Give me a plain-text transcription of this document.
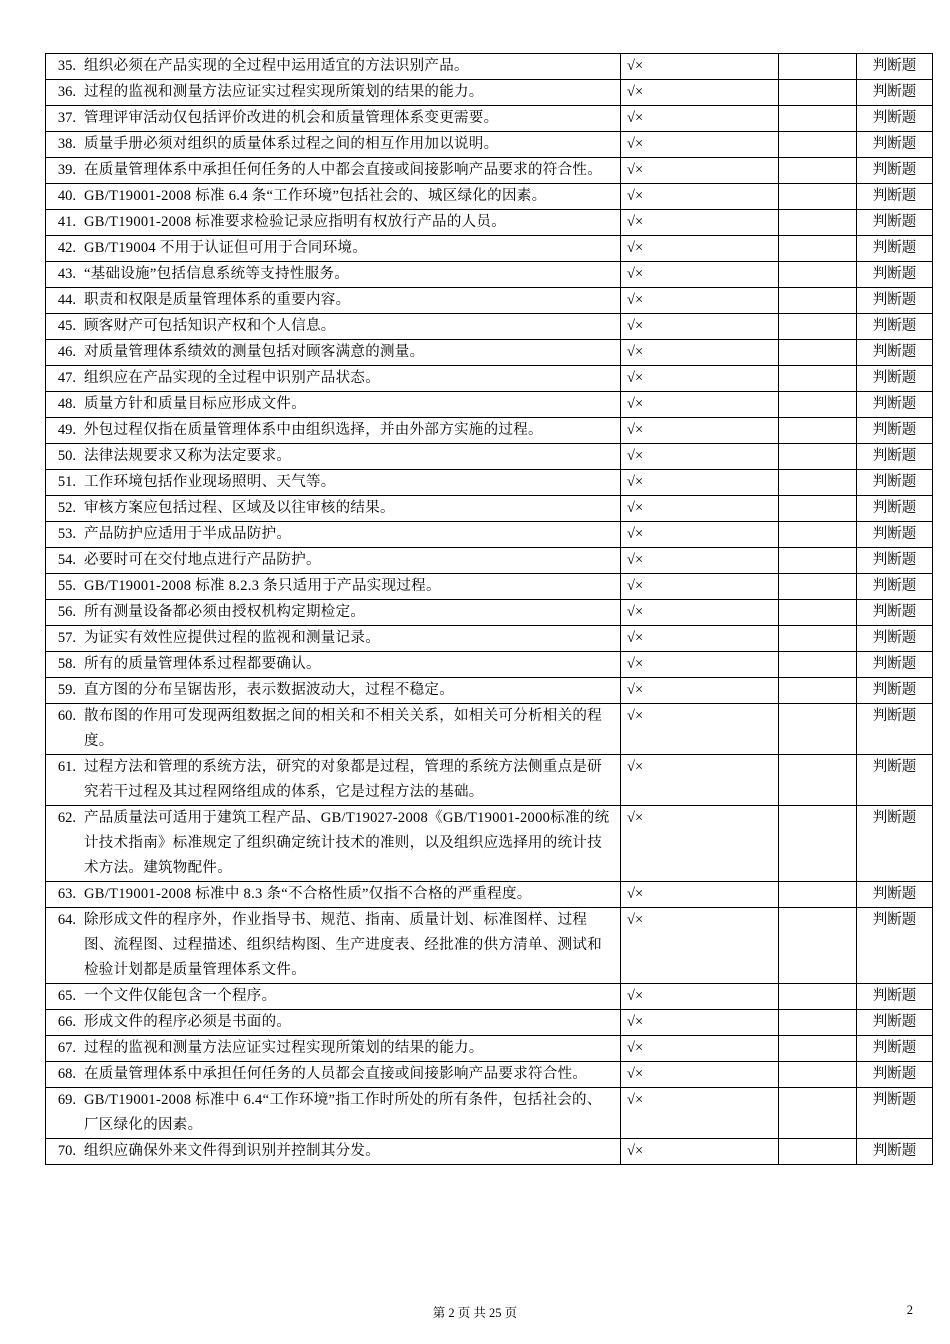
35. 组织必须在产品实现的全过程中运用适宜的方法识别产品。	√×		判断题

36. 过程的监视和测量方法应证实过程实现所策划的结果的能力。	√×		判断题

37. 管理评审活动仅包括评价改进的机会和质量管理体系变更需要。	√×		判断题

38. 质量手册必须对组织的质量体系过程之间的相互作用加以说明。	√×		判断题

39. 在质量管理体系中承担任何任务的人中都会直接或间接影响产品要求的符合性。	√×		判断题

40. GB/T19001-2008 标准 6.4 条“工作环境”包括社会的、城区绿化的因素。	√×		判断题

41. GB/T19001-2008 标准要求检验记录应指明有权放行产品的人员。	√×		判断题

42. GB/T19004 不用于认证但可用于合同环境。	√×		判断题

43. “基础设施”包括信息系统等支持性服务。	√×		判断题

44. 职责和权限是质量管理体系的重要内容。	√×		判断题

45. 顾客财产可包括知识产权和个人信息。	√×		判断题

46. 对质量管理体系绩效的测量包括对顾客满意的测量。	√×		判断题

47. 组织应在产品实现的全过程中识别产品状态。	√×		判断题

48. 质量方针和质量目标应形成文件。	√×		判断题

49. 外包过程仅指在质量管理体系中由组织选择，并由外部方实施的过程。	√×		判断题

50. 法律法规要求又称为法定要求。	√×		判断题

51. 工作环境包括作业现场照明、天气等。	√×		判断题

52. 审核方案应包括过程、区域及以往审核的结果。	√×		判断题

53. 产品防护应适用于半成品防护。	√×		判断题

54. 必要时可在交付地点进行产品防护。	√×		判断题

55. GB/T19001-2008 标准 8.2.3 条只适用于产品实现过程。	√×		判断题

56. 所有测量设备都必须由授权机构定期检定。	√×		判断题

57. 为证实有效性应提供过程的监视和测量记录。	√×		判断题

58. 所有的质量管理体系过程都要确认。	√×		判断题

59. 直方图的分布呈锯齿形，表示数据波动大，过程不稳定。	√×		判断题

60. 散布图的作用可发现两组数据之间的相关和不相关关系，如相关可分析相关的程度。	√×		判断题

61. 过程方法和管理的系统方法，研究的对象都是过程，管理的系统方法侧重点是研究若干过程及其过程网络组成的体系，它是过程方法的基础。	√×		判断题

62. 产品质量法可适用于建筑工程产品、GB/T19027-2008《GB/T19001-2000标准的统计技术指南》标准规定了组织确定统计技术的准则，以及组织应选择用的统计技术方法。建筑物配件。	√×		判断题

63. GB/T19001-2008 标准中 8.3 条“不合格性质”仅指不合格的严重程度。	√×		判断题

64. 除形成文件的程序外，作业指导书、规范、指南、质量计划、标准图样、过程图、流程图、过程描述、组织结构图、生产进度表、经批准的供方清单、测试和检验计划都是质量管理体系文件。	√×		判断题

65. 一个文件仅能包含一个程序。	√×		判断题

66. 形成文件的程序必须是书面的。	√×		判断题

67. 过程的监视和测量方法应证实过程实现所策划的结果的能力。	√×		判断题

68. 在质量管理体系中承担任何任务的人员都会直接或间接影响产品要求符合性。	√×		判断题

69. GB/T19001-2008 标准中 6.4“工作环境”指工作时所处的所有条件，包括社会的、厂区绿化的因素。	√×		判断题

70. 组织应确保外来文件得到识别并控制其分发。	√×		判断题
第 2 页 共 25 页	2
